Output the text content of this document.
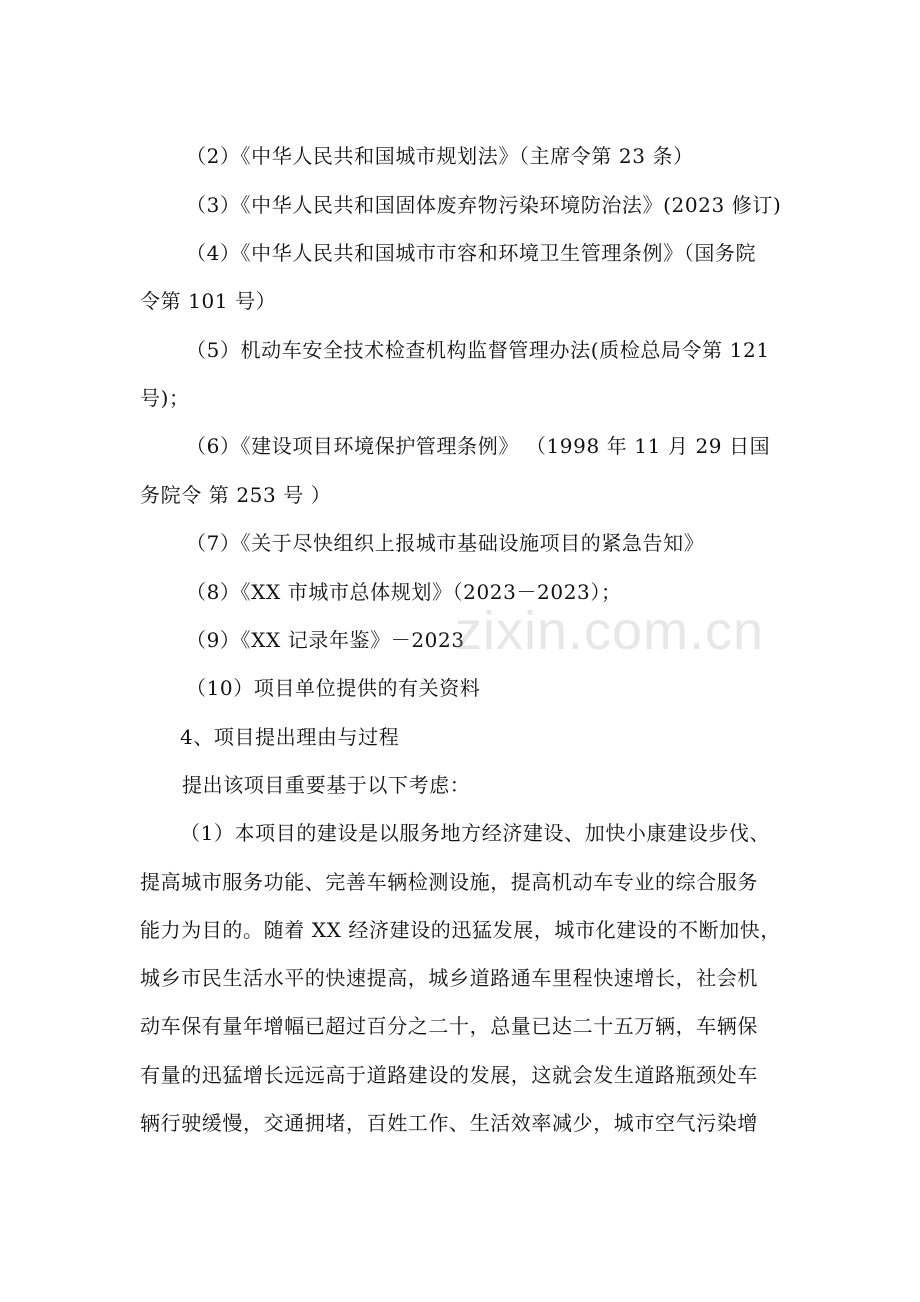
（2）《中华人民共和国城市规划法》（主席令第 23 条）
（3）《中华人民共和国固体废弃物污染环境防治法》(2023 修订)
（4）《中华人民共和国城市市容和环境卫生管理条例》（国务院
令第 101 号）
（5）机动车安全技术检查机构监督管理办法(质检总局令第 121
号)；
（6）《建设项目环境保护管理条例》 （1998 年 11 月 29 日国
务院令 第 253 号 ）
（7）《关于尽快组织上报城市基础设施项目的紧急告知》
（8）《XX 市城市总体规划》（2023－2023）；
（9）《XX 记录年鉴》－2023
（10）项目单位提供的有关资料
4、项目提出理由与过程
提出该项目重要基于以下考虑：
（1）本项目的建设是以服务地方经济建设、加快小康建设步伐、
提高城市服务功能、完善车辆检测设施，提高机动车专业的综合服务
能力为目的。随着 XX 经济建设的迅猛发展，城市化建设的不断加快，
城乡市民生活水平的快速提高，城乡道路通车里程快速增长，社会机
动车保有量年增幅已超过百分之二十，总量已达二十五万辆，车辆保
有量的迅猛增长远远高于道路建设的发展，这就会发生道路瓶颈处车
辆行驶缓慢，交通拥堵，百姓工作、生活效率减少，城市空气污染增
zixin.com.cn
